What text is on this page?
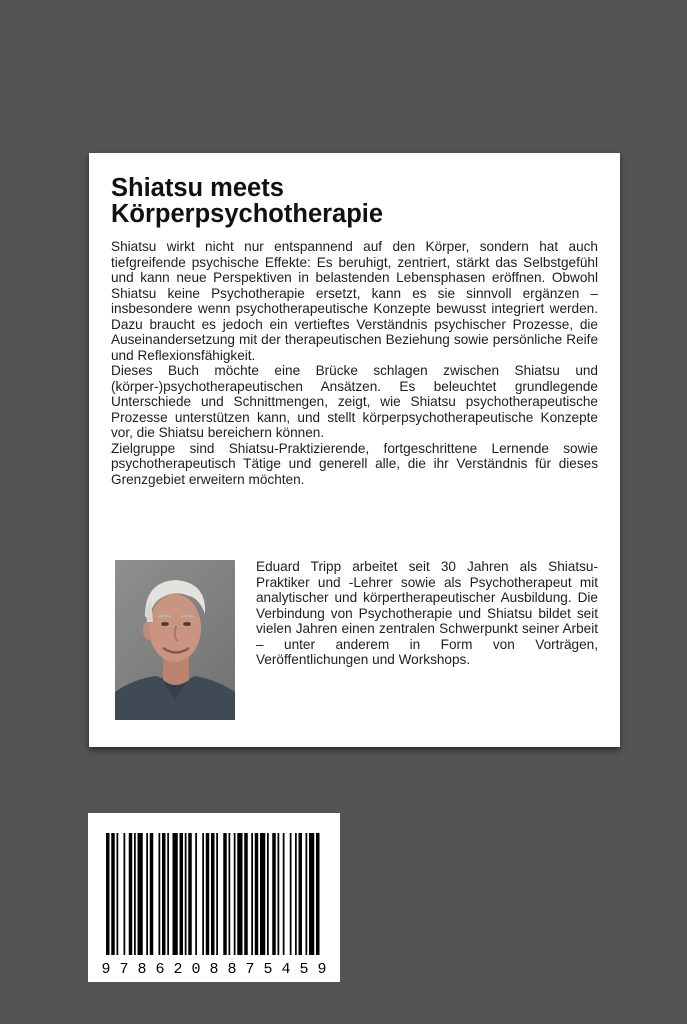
Shiatsu meets
Körperpsychotherapie

Shiatsu wirkt nicht nur entspannend auf den Körper, sondern hat auch tiefgreifende psychische Effekte: Es beruhigt, zentriert, stärkt das Selbstgefühl und kann neue Perspektiven in belastenden Lebensphasen eröffnen. Obwohl Shiatsu keine Psychotherapie ersetzt, kann es sie sinnvoll ergänzen – insbesondere wenn psychotherapeutische Konzepte bewusst integriert werden. Dazu braucht es jedoch ein vertieftes Verständnis psychischer Prozesse, die Auseinandersetzung mit der therapeutischen Beziehung sowie persönliche Reife und Reflexionsfähigkeit.

Dieses Buch möchte eine Brücke schlagen zwischen Shiatsu und (körper-)psychotherapeutischen Ansätzen. Es beleuchtet grundlegende Unterschiede und Schnittmengen, zeigt, wie Shiatsu psychotherapeutische Prozesse unterstützen kann, und stellt körperpsychotherapeutische Konzepte vor, die Shiatsu bereichern können.

Zielgruppe sind Shiatsu-Praktizierende, fortgeschrittene Lernende sowie psychotherapeutisch Tätige und generell alle, die ihr Verständnis für dieses Grenzgebiet erweitern möchten.

Eduard Tripp arbeitet seit 30 Jahren als Shiatsu-Praktiker und -Lehrer sowie als Psychotherapeut mit analytischer und körpertherapeutischer Ausbildung. Die Verbindung von Psychotherapie und Shiatsu bildet seit vielen Jahren einen zentralen Schwerpunkt seiner Arbeit – unter anderem in Form von Vorträgen, Veröffentlichungen und Workshops.
9 7 8 6 2 0 8 8 7 5 4 5 9
